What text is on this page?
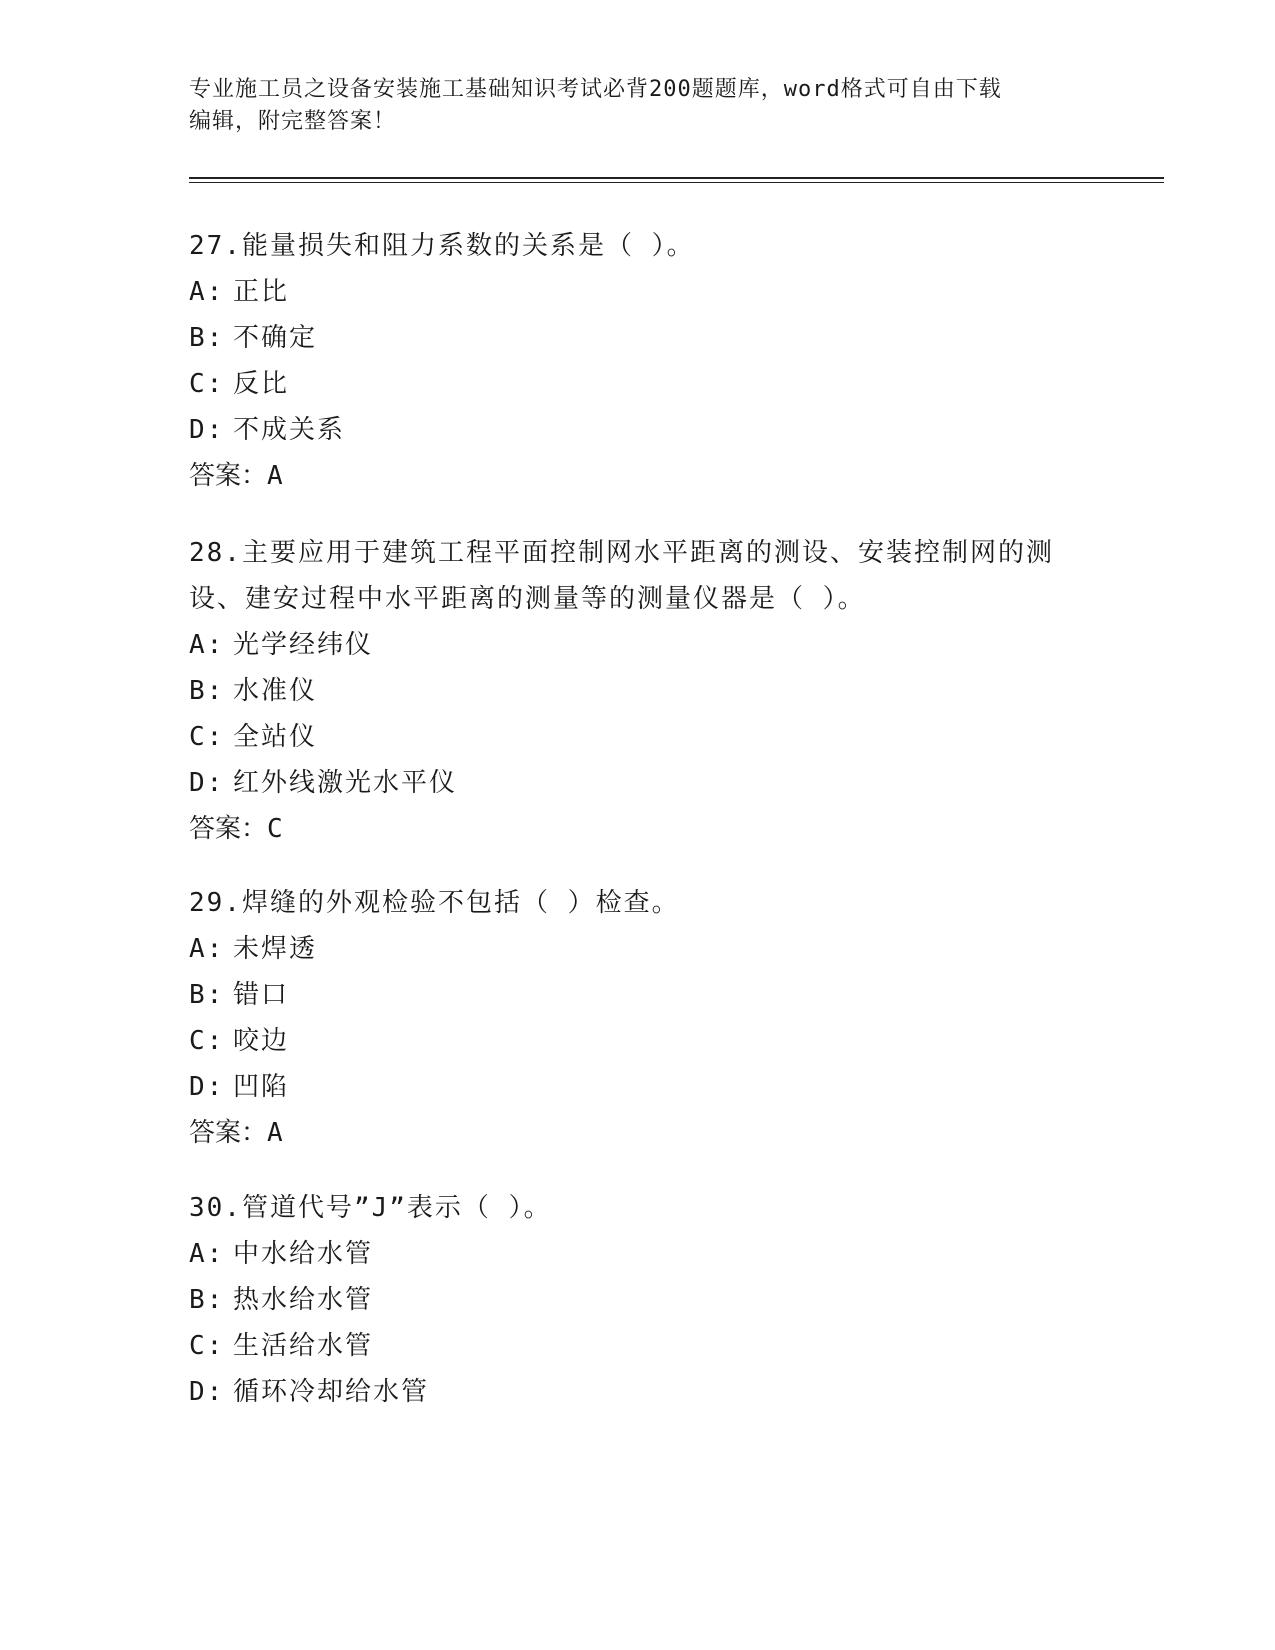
专业施工员之设备安装施工基础知识考试必背200题题库，word格式可自由下载
编辑，附完整答案！

27.能量损失和阻力系数的关系是（ ）。

A: 正比

B: 不确定

C: 反比

D: 不成关系

答案：A

28.主要应用于建筑工程平面控制网水平距离的测设、安装控制网的测

设、建安过程中水平距离的测量等的测量仪器是（ ）。

A: 光学经纬仪

B: 水准仪

C: 全站仪

D: 红外线激光水平仪

答案：C

29.焊缝的外观检验不包括（ ）检查。

A: 未焊透

B: 错口

C: 咬边

D: 凹陷

答案：A

30.管道代号”J”表示（ ）。

A: 中水给水管

B: 热水给水管

C: 生活给水管

D: 循环冷却给水管
